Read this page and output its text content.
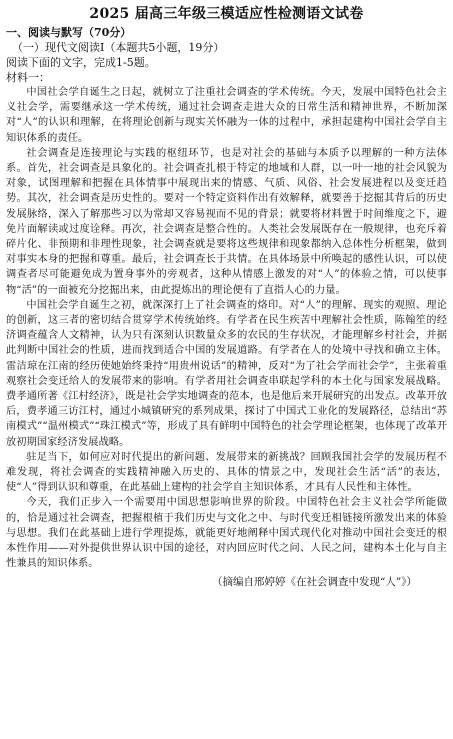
2025 届高三年级三模适应性检测语文试卷
一、阅读与默写（70分）
（一）现代文阅读Ⅰ（本题共5小题，19分）
阅读下面的文字，完成1-5题。
材料一：

中国社会学自诞生之日起，就树立了注重社会调查的学术传统。今天，发展中国特色社会主义社会学，需要继承这一学术传统，通过社会调查走进大众的日常生活和精神世界，不断加深对“人”的认识和理解，在将理论创新与现实关怀融为一体的过程中，承担起建构中国社会学自主知识体系的责任。

社会调查是连接理论与实践的枢纽环节，也是对社会的基础与本质予以理解的一种方法体系。首先，社会调查是具象化的。社会调查扎根于特定的地域和人群，以一叶一地的社会风貌为对象，试图理解和把握在具体情事中展现出来的情感、气质、风俗、社会发展进程以及变迁趋势。其次，社会调查是历史性的。要对一个特定资料作出有效解释，就要善于挖掘其背后的历史发展脉络，深入了解那些习以为常却又容易视而不见的背景；就要将材料置于时间维度之下，避免片面解读或过度诠释。再次，社会调查是整合性的。人类社会发展既存在一般规律，也充斥着碎片化、非预期和非理性现象，社会调查就是要将这些规律和现象都纳入总体性分析框架，做到对事实本身的把握和尊重。最后，社会调查长于共情。在具体场景中所唤起的感性认识，可以使调查者尽可能避免成为置身事外的旁观者，这种从情感上激发的对“人”的体验之情，可以使事物“活”的一面被充分挖掘出来，由此提炼出的理论便有了直指人心的力量。

中国社会学自诞生之初，就深深打上了社会调查的烙印。对“人”的理解、现实的观照、理论的创新，这三者的密切结合贯穿学术传统始终。有学者在民生疾苦中理解社会性质，陈翰笙的经济调查蕴含人文精神，认为只有深刻认识数量众多的农民的生存状况，才能理解乡村社会，并据此判断中国社会的性质，进而找到适合中国的发展道路。有学者在人的处境中寻找和确立主体。雷洁琼在江南的经历使她始终秉持“用贵州说话”的精神，反对“为了社会学而社会学”，主张着重观察社会变迁给人的发展带来的影响。有学者用社会调查串联起学科的本土化与国家发展战略。费孝通所著《江村经济》，既是社会学实地调查的范本，也是他后来开展研究的出发点。改革开放后，费孝通三访江村，通过小城镇研究的系列成果，探讨了中国式工业化的发展路径，总结出“苏南模式”“温州模式”“珠江模式”等，形成了具有鲜明中国特色的社会学理论框架，也体现了改革开放初期国家经济发展战略。

驻足当下，如何应对时代提出的新问题、发展带来的新挑战？回顾我国社会学的发展历程不难发现，将社会调查的实践精神融入历史的、具体的情景之中，发现社会生活“活”的表达，使“人”得到认识和尊重，在此基础上建构的社会学自主知识体系，才具有人民性和主体性。

今天，我们正步入一个需要用中国思想影响世界的阶段。中国特色社会主义社会学所能做的，恰是通过社会调查，把握根植于我们历史与文化之中、与时代变迁相链接所激发出来的体验与思想。我们在此基础上进行学理提炼，就能更好地阐释中国式现代化对推动中国社会变迁的根本性作用——对外提供世界认识中国的途径，对内回应时代之问、人民之问，建构本土化与自主性兼具的知识体系。

（摘编自邢婷婷《在社会调查中发现“人”》）
